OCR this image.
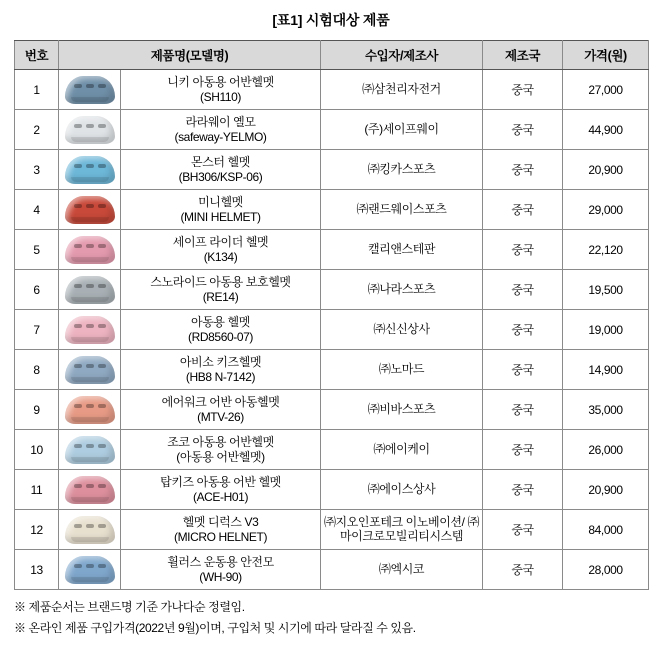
[표1] 시험대상 제품
번호	제품명(모델명)		수입자/제조사	제조국	가격(원)
1		니키 아동용 어반헬멧
(SH110)	㈜삼천리자전거	중국	27,000
2		라라웨이 옐모
(safeway-YELMO)	(주)세이프웨이	중국	44,900
3		몬스터 헬멧
(BH306/KSP-06)	㈜킹카스포츠	중국	20,900
4		미니헬멧
(MINI HELMET)	㈜랜드웨이스포츠	중국	29,000
5		세이프 라이더 헬멧
(K134)	캘리앤스테판	중국	22,120
6		스노라이드 아동용 보호헬멧
(RE14)	㈜나라스포츠	중국	19,500
7		아동용 헬멧
(RD8560-07)	㈜신신상사	중국	19,000
8		아비소 키즈헬멧
(HB8 N-7142)	㈜노마드	중국	14,900
9		에어워크 어반 아동헬멧
(MTV-26)	㈜비바스포츠	중국	35,000
10		조코 아동용 어반헬멧
(아동용 어반헬멧)	㈜에이케이	중국	26,000
11		탑키즈 아동용 어반 헬멧
(ACE-H01)	㈜에이스상사	중국	20,900
12		헬멧 디럭스 V3
(MICRO HELNET)	㈜지오인포테크 이노베이션/ ㈜마이크로모빌리티시스템	중국	84,000
13		휠러스 운동용 안전모
(WH-90)	㈜엑시코	중국	28,000
※ 제품순서는 브랜드명 기준 가나다순 정렬임.
※ 온라인 제품 구입가격(2022년 9월)이며, 구입처 및 시기에 따라 달라질 수 있음.
